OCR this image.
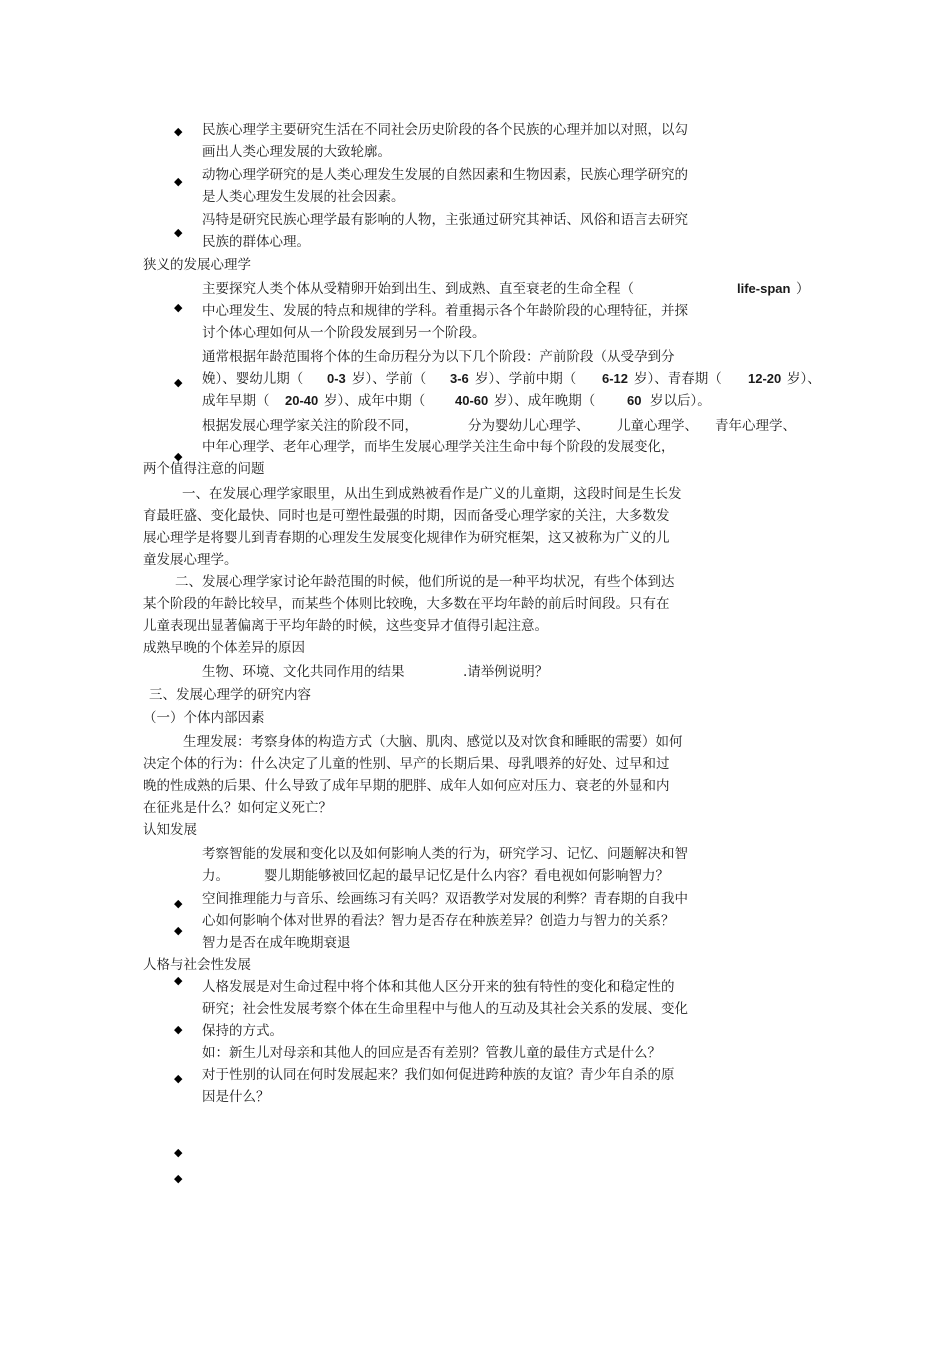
◆ 民族心理学主要研究生活在不同社会历史阶段的各个民族的心理并加以对照，以勾
画出人类心理发展的大致轮廓。
◆ 动物心理学研究的是人类心理发生发展的自然因素和生物因素，民族心理学研究的
是人类心理发生发展的社会因素。
◆
冯特是研究民族心理学最有影响的人物，主张通过研究其神话、风俗和语言去研究
民族的群体心理。
狭义的发展心理学
◆
主要探究人类个体从受精卵开始到出生、到成熟、直至衰老的生命全程（	life-span ）
中心理发生、发展的特点和规律的学科。着重揭示各个年龄阶段的心理特征，并探
讨个体心理如何从一个阶段发展到另一个阶段。
◆
通常根据年龄范围将个体的生命历程分为以下几个阶段：产前阶段（从受孕到分
娩）、婴幼儿期（ 0-3 岁）、学前（ 3-6 岁）、学前中期（ 6-12 岁）、青春期（ 12-20 岁）、
成年早期（ 20-40 岁）、成年中期（ 40-60 岁）、成年晚期（ 60 岁以后）。
◆
根据发展心理学家关注的阶段不同，	分为婴幼儿心理学、 儿童心理学、 青年心理学、
中年心理学、老年心理学，而毕生发展心理学关注生命中每个阶段的发展变化，
两个值得注意的问题
一、在发展心理学家眼里，从出生到成熟被看作是广义的儿童期，这段时间是生长发
育最旺盛、变化最快、同时也是可塑性最强的时期，因而备受心理学家的关注，大多数发
展心理学是将婴儿到青春期的心理发生发展变化规律作为研究框架，这又被称为广义的儿
童发展心理学。
二、发展心理学家讨论年龄范围的时候，他们所说的是一种平均状况，有些个体到达
某个阶段的年龄比较早，而某些个体则比较晚，大多数在平均年龄的前后时间段。只有在
儿童表现出显著偏离于平均年龄的时候，这些变异才值得引起注意。
成熟早晚的个体差异的原因
生物、环境、文化共同作用的结果	.请举例说明？
三、发展心理学的研究内容
（一）个体内部因素
生理发展：考察身体的构造方式（大脑、肌肉、感觉以及对饮食和睡眠的需要）如何
决定个体的行为：什么决定了儿童的性别、早产的长期后果、母乳喂养的好处、过早和过
晚的性成熟的后果、什么导致了成年早期的肥胖、成年人如何应对压力、衰老的外显和内
在征兆是什么？如何定义死亡？
认知发展
考察智能的发展和变化以及如何影响人类的行为，研究学习、记忆、问题解决和智
力。	婴儿期能够被回忆起的最早记忆是什么内容？看电视如何影响智力？
◆
◆
空间推理能力与音乐、绘画练习有关吗？双语教学对发展的利弊？青春期的自我中
心如何影响个体对世界的看法？智力是否存在种族差异？创造力与智力的关系？
智力是否在成年晚期衰退
人格与社会性发展
◆
◆
人格发展是对生命过程中将个体和其他人区分开来的独有特性的变化和稳定性的
研究；社会性发展考察个体在生命里程中与他人的互动及其社会关系的发展、变化
保持的方式。
◆
如：新生儿对母亲和其他人的回应是否有差别？管教儿童的最佳方式是什么？
对于性别的认同在何时发展起来？我们如何促进跨种族的友谊？青少年自杀的原
因是什么？
◆
◆
